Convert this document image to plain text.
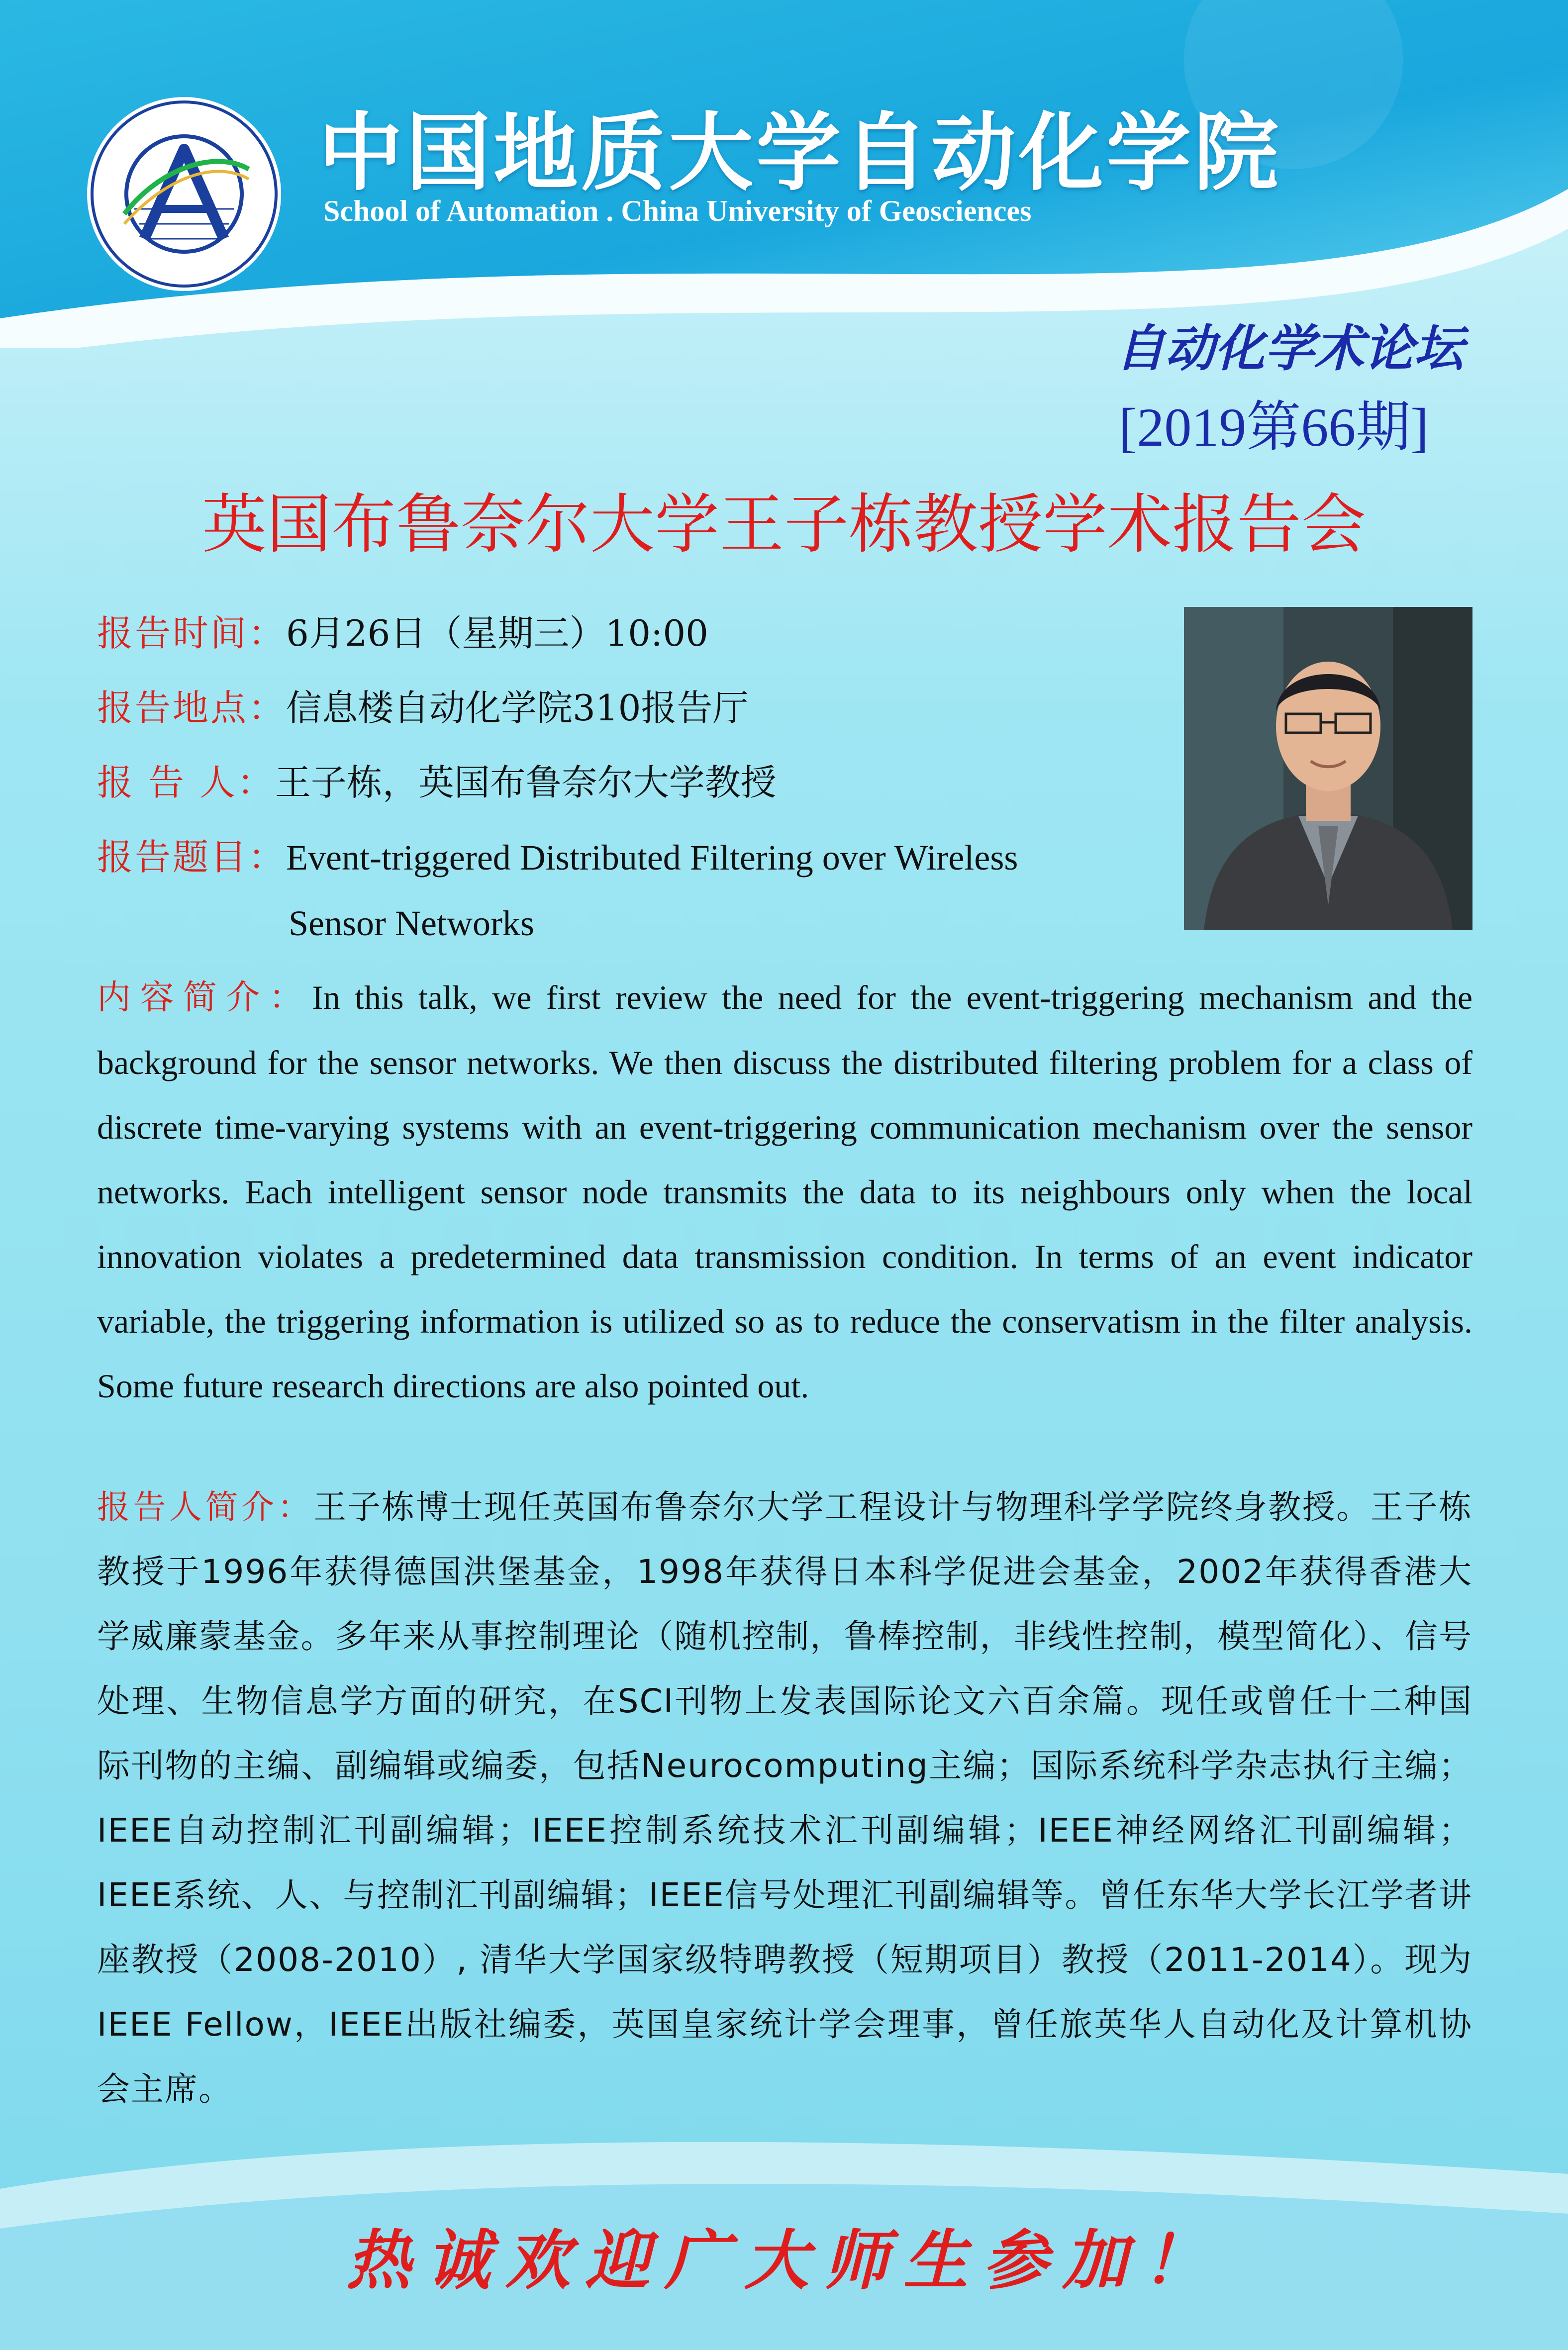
中国地质大学自动化学院
School of Automation . China University of Geosciences
自动化学术论坛
[2019第66期]
英国布鲁奈尔大学王子栋教授学术报告会
报告时间：6月26日（星期三）10:00
报告地点：信息楼自动化学院310报告厅
报 告 人：王子栋，英国布鲁奈尔大学教授
报告题目：Event-triggered Distributed Filtering over Wireless
Sensor Networks
内容简介：In this talk, we first review the need for the event-triggering mechanism and the background for the sensor networks. We then discuss the distributed filtering problem for a class of discrete time-varying systems with an event-triggering communication mechanism over the sensor networks. Each intelligent sensor node transmits the data to its neighbours only when the local innovation violates a predetermined data transmission condition. In terms of an event indicator variable, the triggering information is utilized so as to reduce the conservatism in the filter analysis. Some future research directions are also pointed out.
报告人简介：王子栋博士现任英国布鲁奈尔大学工程设计与物理科学学院终身教授。王子栋教授于1996年获得德国洪堡基金，1998年获得日本科学促进会基金，2002年获得香港大学威廉蒙基金。多年来从事控制理论（随机控制，鲁棒控制，非线性控制，模型简化）、信号处理、生物信息学方面的研究，在SCI刊物上发表国际论文六百余篇。现任或曾任十二种国际刊物的主编、副编辑或编委，包括Neurocomputing主编；国际系统科学杂志执行主编；IEEE自动控制汇刊副编辑；IEEE控制系统技术汇刊副编辑；IEEE神经网络汇刊副编辑； IEEE系统、人、与控制汇刊副编辑；IEEE信号处理汇刊副编辑等。曾任东华大学长江学者讲座教授（2008-2010）, 清华大学国家级特聘教授（短期项目）教授（2011-2014）。现为IEEE Fellow，IEEE出版社编委，英国皇家统计学会理事，曾任旅英华人自动化及计算机协会主席。
热诚欢迎广大师生参加！
